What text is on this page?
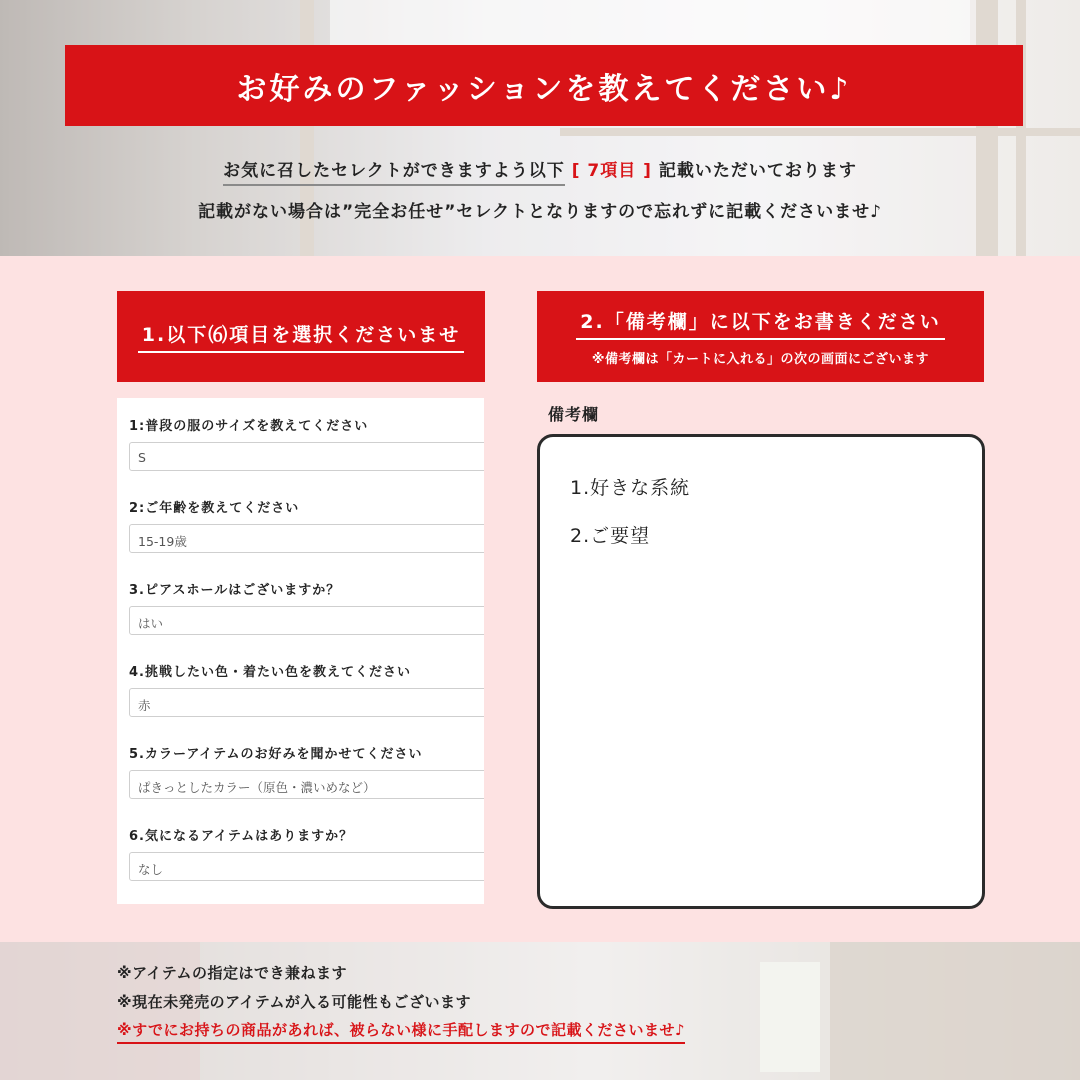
お好みのファッションを教えてください♪
お気に召したセレクトができますよう以下 [ 7項目 ] 記載いただいております
記載がない場合は”完全お任せ”セレクトとなりますので忘れずに記載くださいませ♪
1.以下⑹項目を選択くださいませ
2.「備考欄」に以下をお書きください
※備考欄は「カートに入れる」の次の画面にございます
1:普段の服のサイズを教えてください
S
2:ご年齢を教えてください
15-19歳
3.ピアスホールはございますか？
はい
4.挑戦したい色・着たい色を教えてください
赤
5.カラーアイテムのお好みを聞かせてください
ぱきっとしたカラー（原色・濃いめなど）
6.気になるアイテムはありますか？
なし
備考欄
1.好きな系統
2.ご要望
※アイテムの指定はでき兼ねます
※現在未発売のアイテムが入る可能性もございます
※すでにお持ちの商品があれば、被らない様に手配しますので記載くださいませ♪
